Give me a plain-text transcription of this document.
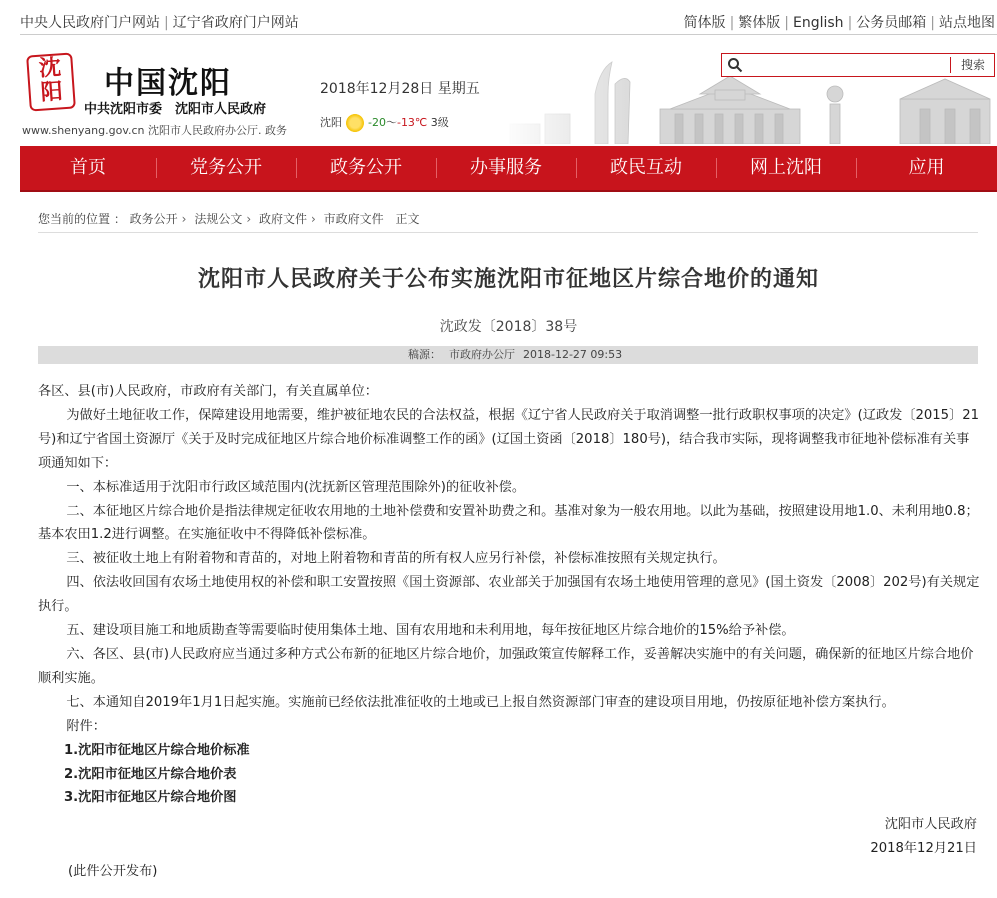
中央人民政府门户网站 | 辽宁省政府门户网站	简体版 | 繁体版 | English | 公务员邮箱 | 站点地图
沈阳	中国沈阳
中共沈阳市委　沈阳市人民政府
www.shenyang.gov.cn 沈阳市人民政府办公厅. 政务
2018年12月28日 星期五
沈阳 -20～-13℃ 3级
搜索
首页	党务公开	政务公开	办事服务	政民互动	网上沈阳	应用
您当前的位置 ： 政务公开 › 法规公文 › 政府文件 › 市政府文件 正文
沈阳市人民政府关于公布实施沈阳市征地区片综合地价的通知
沈政发〔2018〕38号
稿源： 市政府办公厅 2018-12-27 09:53

各区、县(市)人民政府，市政府有关部门，有关直属单位：

为做好土地征收工作，保障建设用地需要，维护被征地农民的合法权益，根据《辽宁省人民政府关于取消调整一批行政职权事项的决定》(辽政发〔2015〕21号)和辽宁省国土资源厅《关于及时完成征地区片综合地价标准调整工作的函》(辽国土资函〔2018〕180号)，结合我市实际，现将调整我市征地补偿标准有关事项通知如下：

一、本标准适用于沈阳市行政区域范围内(沈抚新区管理范围除外)的征收补偿。

二、本征地区片综合地价是指法律规定征收农用地的土地补偿费和安置补助费之和。基准对象为一般农用地。以此为基础，按照建设用地1.0、未利用地0.8；基本农田1.2进行调整。在实施征收中不得降低补偿标准。

三、被征收土地上有附着物和青苗的，对地上附着物和青苗的所有权人应另行补偿，补偿标准按照有关规定执行。

四、依法收回国有农场土地使用权的补偿和职工安置按照《国土资源部、农业部关于加强国有农场土地使用管理的意见》(国土资发〔2008〕202号)有关规定执行。

五、建设项目施工和地质勘查等需要临时使用集体土地、国有农用地和未利用地，每年按征地区片综合地价的15%给予补偿。

六、各区、县(市)人民政府应当通过多种方式公布新的征地区片综合地价，加强政策宣传解释工作，妥善解决实施中的有关问题，确保新的征地区片综合地价顺利实施。

七、本通知自2019年1月1日起实施。实施前已经依法批准征收的土地或已上报自然资源部门审查的建设项目用地，仍按原征地补偿方案执行。

附件：

1.沈阳市征地区片综合地价标准

2.沈阳市征地区片综合地价表

3.沈阳市征地区片综合地价图

沈阳市人民政府
2018年12月21日
(此件公开发布)
